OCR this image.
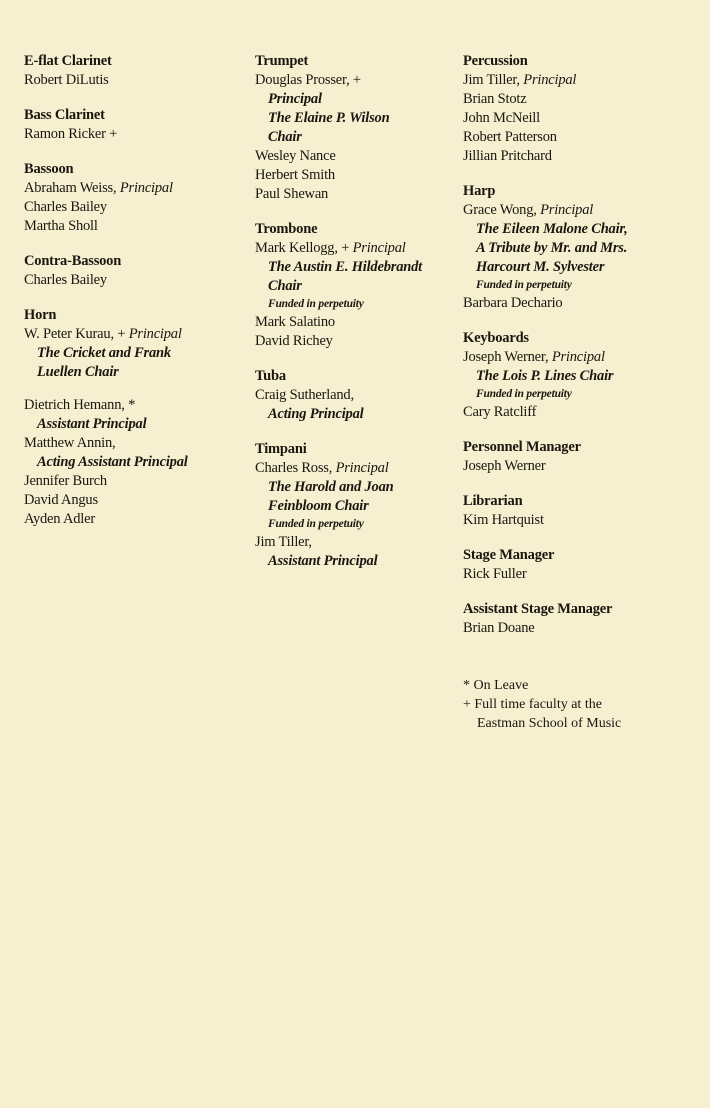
E-flat Clarinet
Robert DiLutis
Bass Clarinet
Ramon Ricker +
Bassoon
Abraham Weiss, Principal
Charles Bailey
Martha Sholl
Contra-Bassoon
Charles Bailey
Horn
W. Peter Kurau, + Principal
The Cricket and Frank
Luellen Chair
Dietrich Hemann, *
Assistant Principal
Matthew Annin,
Acting Assistant Principal
Jennifer Burch
David Angus
Ayden Adler
Trumpet
Douglas Prosser, +
Principal
The Elaine P. Wilson
Chair
Wesley Nance
Herbert Smith
Paul Shewan
Trombone
Mark Kellogg, + Principal
The Austin E. Hildebrandt
Chair
Funded in perpetuity
Mark Salatino
David Richey
Tuba
Craig Sutherland,
Acting Principal
Timpani
Charles Ross, Principal
The Harold and Joan
Feinbloom Chair
Funded in perpetuity
Jim Tiller,
Assistant Principal
Percussion
Jim Tiller, Principal
Brian Stotz
John McNeill
Robert Patterson
Jillian Pritchard
Harp
Grace Wong, Principal
The Eileen Malone Chair,
A Tribute by Mr. and Mrs.
Harcourt M. Sylvester
Funded in perpetuity
Barbara Dechario
Keyboards
Joseph Werner, Principal
The Lois P. Lines Chair
Funded in perpetuity
Cary Ratcliff
Personnel Manager
Joseph Werner
Librarian
Kim Hartquist
Stage Manager
Rick Fuller
Assistant Stage Manager
Brian Doane
* On Leave
+ Full time faculty at the
Eastman School of Music
